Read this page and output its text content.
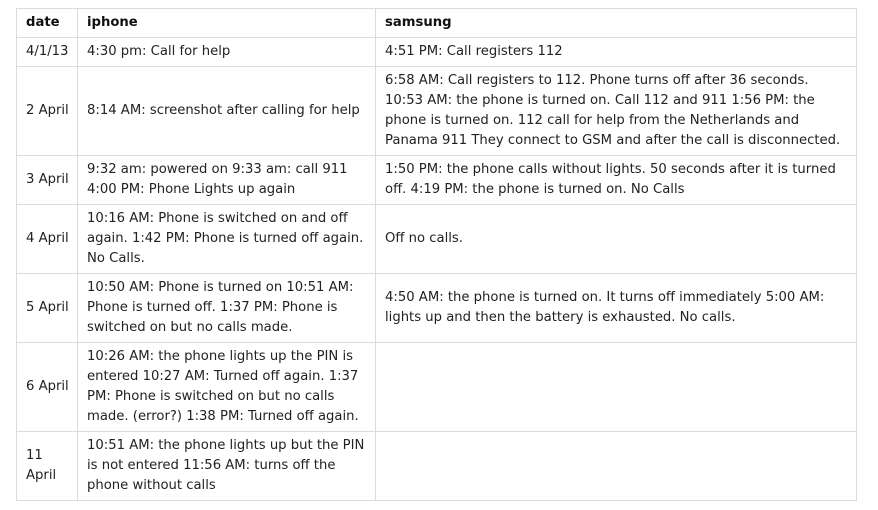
date	iphone	samsung
4/1/13	4:30 pm: Call for help	4:51 PM: Call registers 112
2 April	8:14 AM: screenshot after calling for help	6:58 AM: Call registers to 112. Phone turns off after 36 seconds. 10:53 AM: the phone is turned on. Call 112 and 911 1:56 PM: the phone is turned on. 112 call for help from the Netherlands and Panama 911 They connect to GSM and after the call is disconnected.
3 April	9:32 am: powered on 9:33 am: call 911 4:00 PM: Phone Lights up again	1:50 PM: the phone calls without lights. 50 seconds after it is turned off. 4:19 PM: the phone is turned on. No Calls
4 April	10:16 AM: Phone is switched on and off again. 1:42 PM: Phone is turned off again. No Calls.	Off no calls.
5 April	10:50 AM: Phone is turned on 10:51 AM: Phone is turned off. 1:37 PM: Phone is switched on but no calls made.	4:50 AM: the phone is turned on. It turns off immediately 5:00 AM: lights up and then the battery is exhausted. No calls.
6 April	10:26 AM: the phone lights up the PIN is entered 10:27 AM: Turned off again. 1:37 PM: Phone is switched on but no calls made. (error?) 1:38 PM: Turned off again.	
11 April	10:51 AM: the phone lights up but the PIN is not entered 11:56 AM: turns off the phone without calls	
